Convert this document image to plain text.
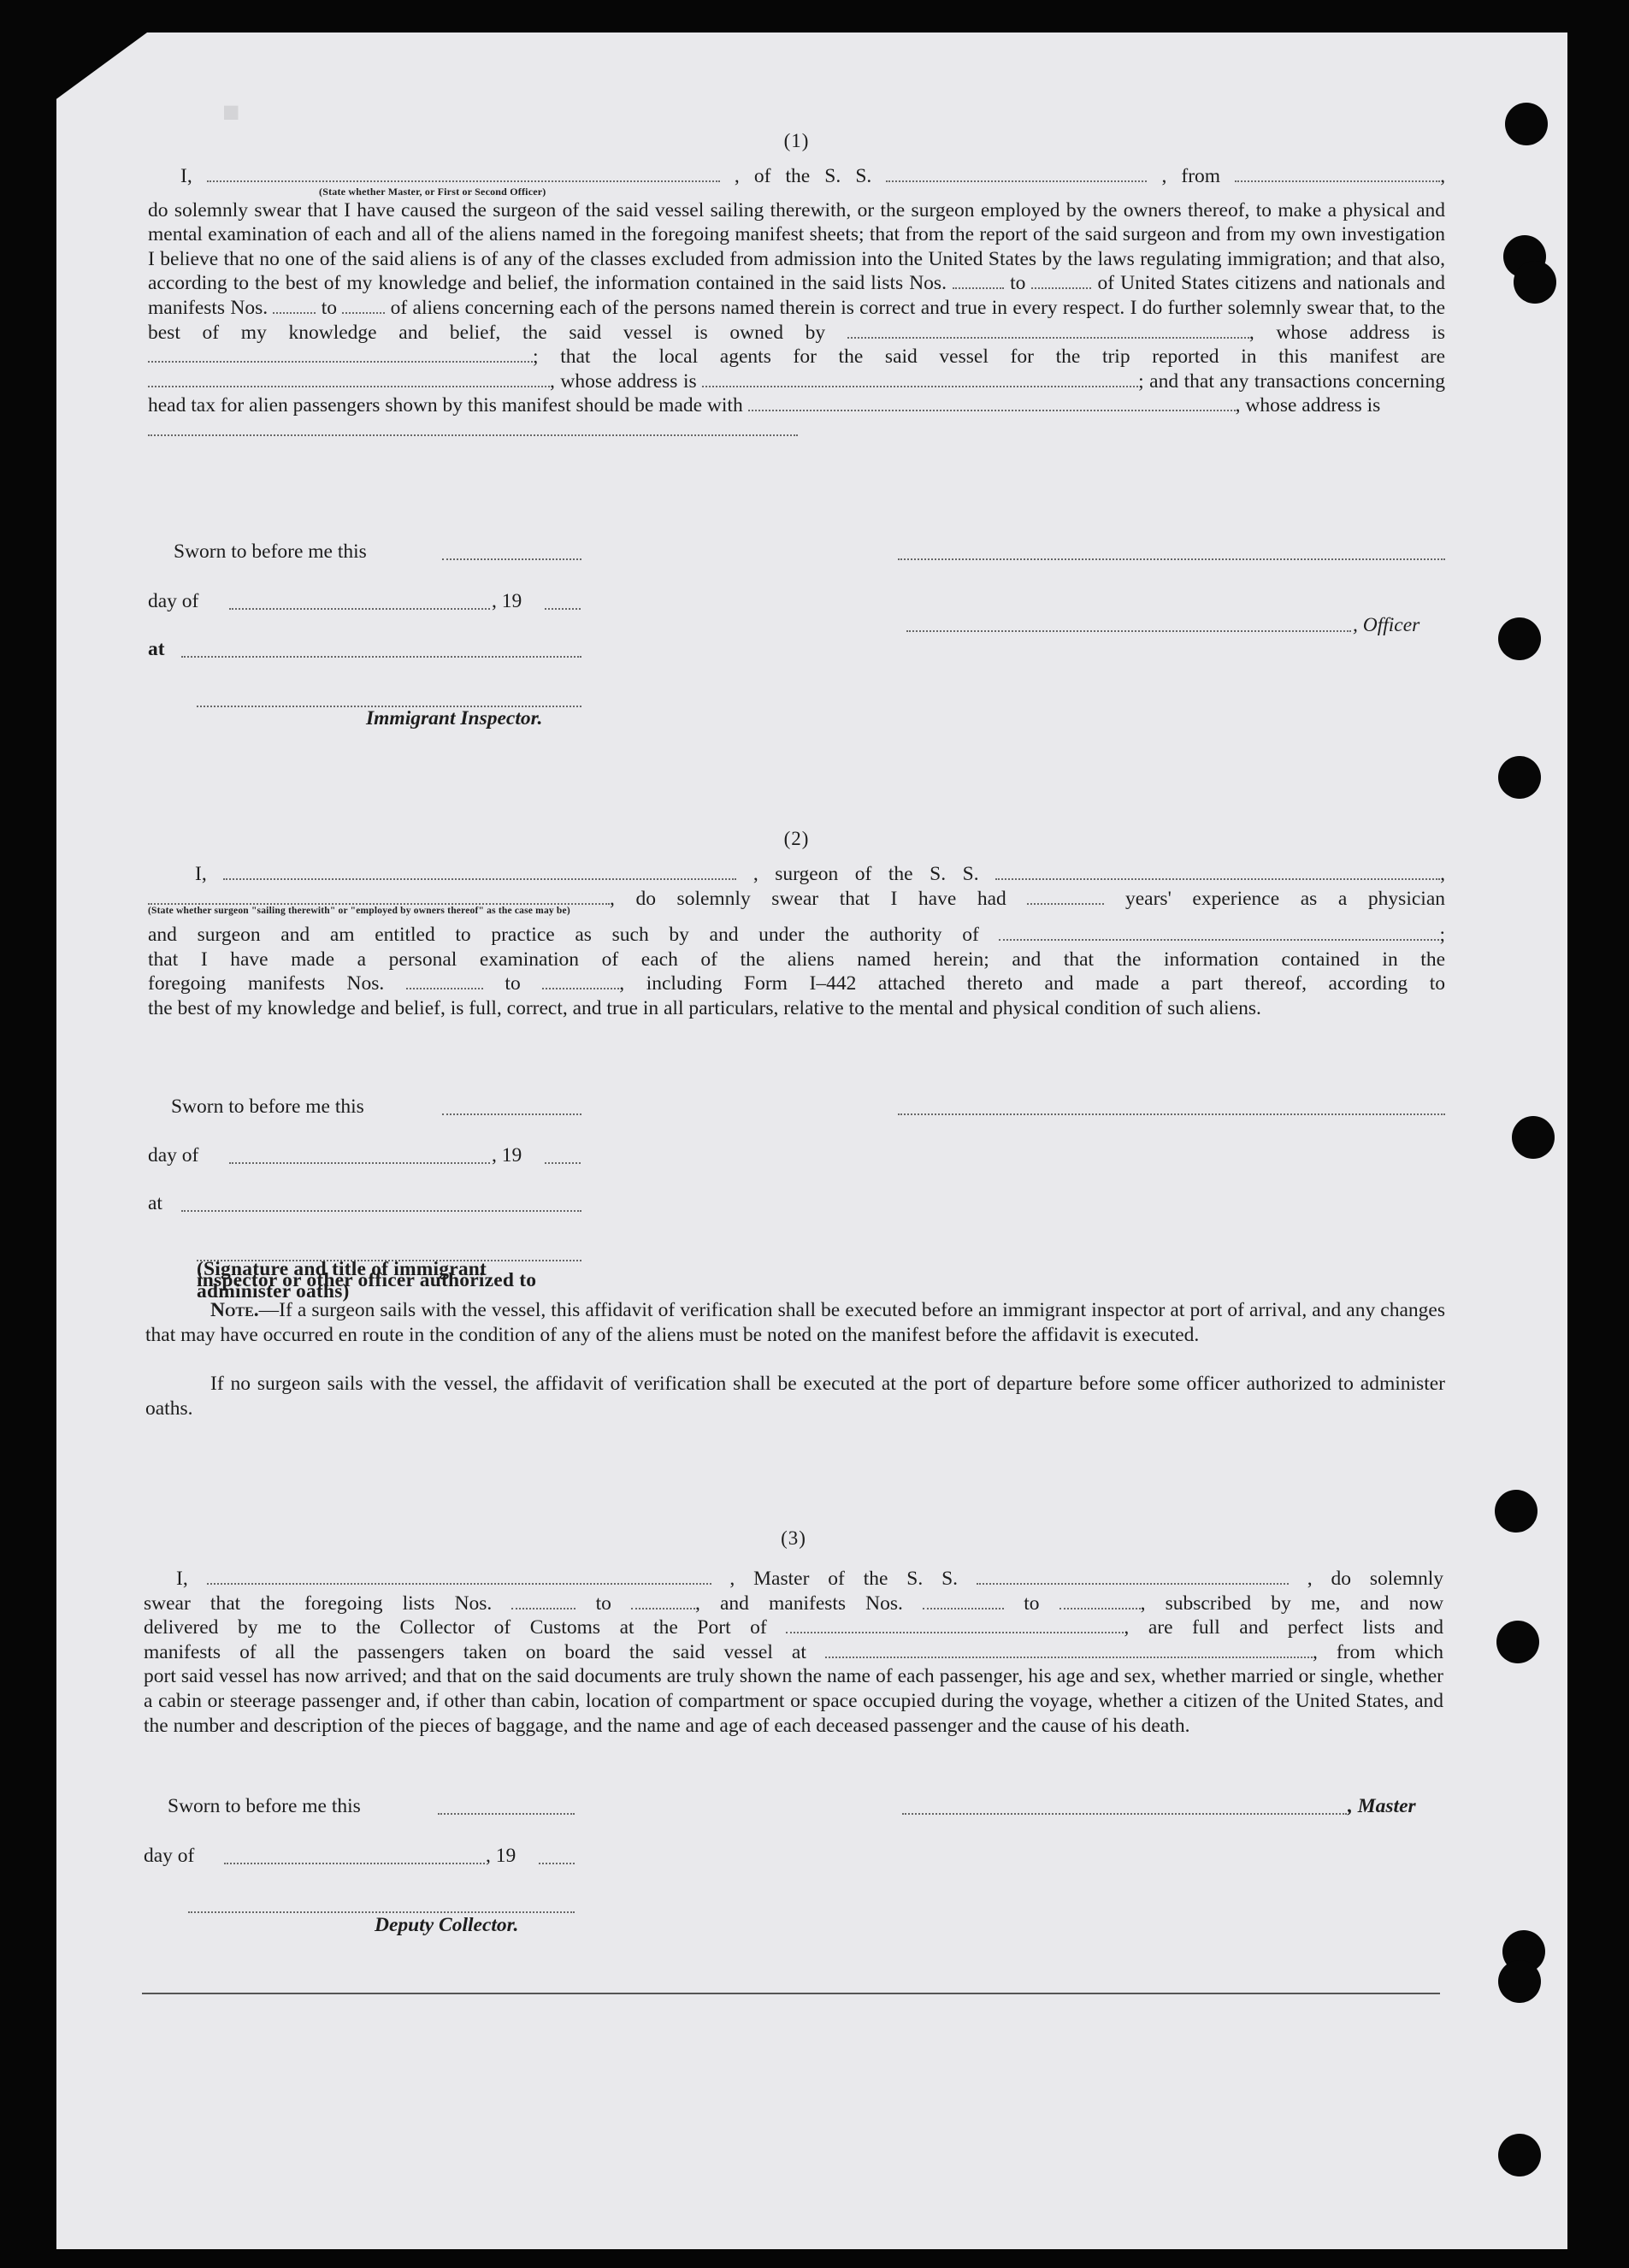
■
(1)
I,	, of the S. S.	, from	,
(State whether Master, or First or Second Officer)
do solemnly swear that I have caused the surgeon of the said vessel sailing therewith, or the surgeon employed by the owners thereof, to make a physical and mental examination of each and all of the aliens named in the foregoing manifest sheets; that from the report of the said surgeon and from my own investigation I believe that no one of the said aliens is of any of the classes excluded from admission into the United States by the laws regulating immigration; and that also, according to the best of my knowledge and belief, the information contained in the said lists Nos.	to	of United States citizens and nationals and manifests Nos.	to	of aliens concerning each of the persons named therein is correct and true in every respect. I do further solemnly swear that, to the best of my knowledge and belief, the said vessel is owned by	, whose address is ; that the local agents for the said vessel for the trip reported in this manifest are , whose address is	; and that any transactions concerning head tax for alien passengers shown by this manifest should be made with	, whose address is

Sworn to before me this
day of	, 19
, Officer
at
Immigrant Inspector.
(2)
I,	, surgeon of the S. S.	,
, do solemnly swear that I have had	years' experience as a physician
(State whether surgeon "sailing therewith" or "employed by owners thereof" as the case may be)
and surgeon and am entitled to practice as such by and under the authority of	;
that I have made a personal examination of each of the aliens named herein; and that the information contained in the
foregoing manifests Nos.	to	, including Form I–442 attached thereto and made a part thereof, according to
the best of my knowledge and belief, is full, correct, and true in all particulars, relative to the mental and physical condition of such aliens.
Sworn to before me this
day of	, 19
at
(Signature and title of immigrant inspector or other officer authorized to administer oaths)
Note.—If a surgeon sails with the vessel, this affidavit of verification shall be executed before an immigrant inspector at port of arrival, and any changes that may have occurred en route in the condition of any of the aliens must be noted on the manifest before the affidavit is executed.
If no surgeon sails with the vessel, the affidavit of verification shall be executed at the port of departure before some officer authorized to administer oaths.
(3)
I,	, Master of the S. S.	, do solemnly
swear that the foregoing lists Nos.	to	, and manifests Nos.	to	, subscribed by me, and now
delivered by me to the Collector of Customs at the Port of	, are full and perfect lists and
manifests of all the passengers taken on board the said vessel at	, from which
port said vessel has now arrived; and that on the said documents are truly shown the name of each passenger, his age and sex, whether married or single, whether a cabin or steerage passenger and, if other than cabin, location of compartment or space occupied during the voyage, whether a citizen of the United States, and the number and description of the pieces of baggage, and the name and age of each deceased passenger and the cause of his death.
Sworn to before me this	, Master
day of	, 19
Deputy Collector.
